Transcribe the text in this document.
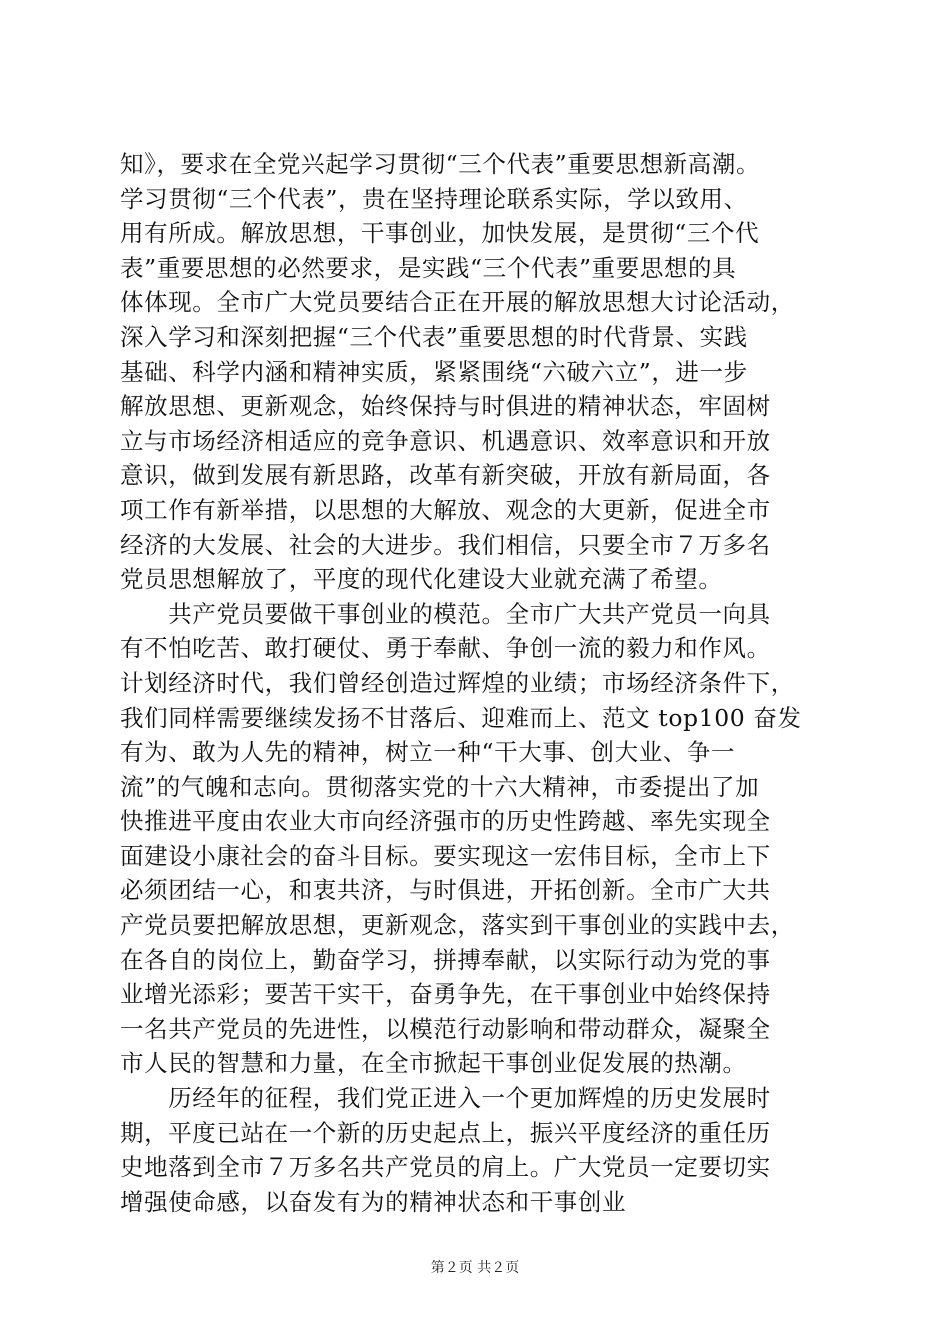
知》，要求在全党兴起学习贯彻“三个代表”重要思想新高潮。
学习贯彻“三个代表”，贵在坚持理论联系实际，学以致用、
用有所成。解放思想，干事创业，加快发展，是贯彻“三个代
表”重要思想的必然要求，是实践“三个代表”重要思想的具
体体现。全市广大党员要结合正在开展的解放思想大讨论活动，
深入学习和深刻把握“三个代表”重要思想的时代背景、实践
基础、科学内涵和精神实质，紧紧围绕“六破六立”，进一步
解放思想、更新观念，始终保持与时俱进的精神状态，牢固树
立与市场经济相适应的竞争意识、机遇意识、效率意识和开放
意识，做到发展有新思路，改革有新突破，开放有新局面，各
项工作有新举措，以思想的大解放、观念的大更新，促进全市
经济的大发展、社会的大进步。我们相信，只要全市７万多名
党员思想解放了，平度的现代化建设大业就充满了希望。
　　共产党员要做干事创业的模范。全市广大共产党员一向具
有不怕吃苦、敢打硬仗、勇于奉献、争创一流的毅力和作风。
计划经济时代，我们曾经创造过辉煌的业绩；市场经济条件下，
我们同样需要继续发扬不甘落后、迎难而上、范文 top100 奋发
有为、敢为人先的精神，树立一种“干大事、创大业、争一
流”的气魄和志向。贯彻落实党的十六大精神，市委提出了加
快推进平度由农业大市向经济强市的历史性跨越、率先实现全
面建设小康社会的奋斗目标。要实现这一宏伟目标，全市上下
必须团结一心，和衷共济，与时俱进，开拓创新。全市广大共
产党员要把解放思想，更新观念，落实到干事创业的实践中去，
在各自的岗位上，勤奋学习，拼搏奉献，以实际行动为党的事
业增光添彩；要苦干实干，奋勇争先，在干事创业中始终保持
一名共产党员的先进性，以模范行动影响和带动群众，凝聚全
市人民的智慧和力量，在全市掀起干事创业促发展的热潮。
　　历经年的征程，我们党正进入一个更加辉煌的历史发展时
期，平度已站在一个新的历史起点上，振兴平度经济的重任历
史地落到全市７万多名共产党员的肩上。广大党员一定要切实
增强使命感，以奋发有为的精神状态和干事创业
第２页 共２页
